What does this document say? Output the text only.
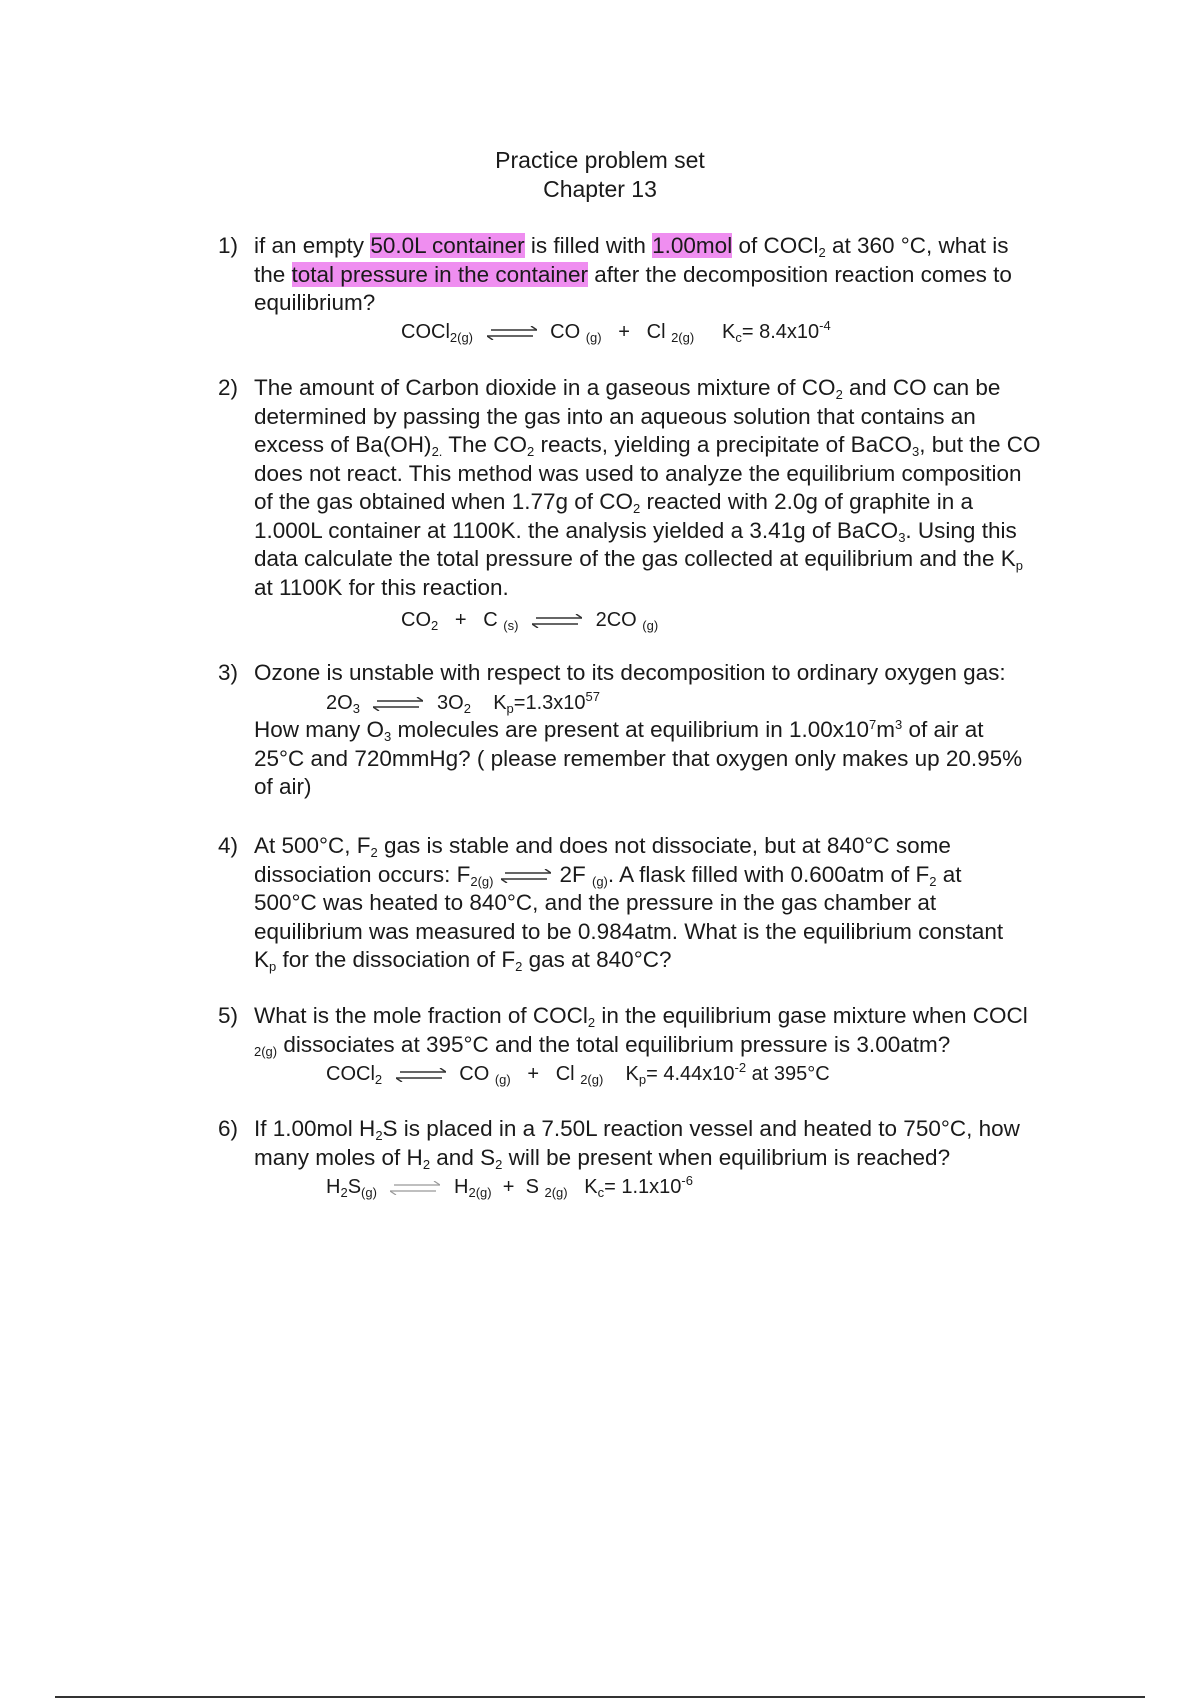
Practice problem set
Chapter 13
1) if an empty 50.0L container is filled with 1.00mol of COCl$_2$ at 360 °C, what is
the total pressure in the container after the decomposition reaction comes to
equilibrium?
COCl$_{2(g)}$ ⇌ CO $_{(g)}$ + Cl $_{2(g)}$ $K_c= 8.4x10^{-4}$
2) The amount of Carbon dioxide in a gaseous mixture of $CO_2$ and CO can be
determined by passing the gas into an aqueous solution that contains an
excess of $Ba(OH)_{2.}$ The $CO_2$ reacts, yielding a precipitate of BaCO$_3$, but the CO
does not react. This method was used to analyze the equilibrium composition
of the gas obtained when 1.77g of $CO_2$ reacted with 2.0g of graphite in a
1.000L container at 1100K. the analysis yielded a 3.41g of BaCO$_3$. Using this
data calculate the total pressure of the gas collected at equilibrium and the $K_p$
at 1100K for this reaction.
$CO_2 + C$ $_{(s)}$ ⇌ 2CO $_{(g)}$
3) Ozone is unstable with respect to its decomposition to ordinary oxygen gas:

How many $O_3$ molecules are present at equilibrium in $1.00x10^7m^3$ of air at
25°C and 720mmHg? ( please remember that oxygen only makes up 20.95%
of air)
$2O_3$ ⇌ $3O_2$ $K_p=1.3x10^{57}$
4) At 500°C, $F_2$ gas is stable and does not dissociate, but at 840°C some
dissociation occurs: $F_{2(g)}$ ⇌ 2F $_{(g)}$. A flask filled with 0.600atm of $F_2$ at
500°C was heated to 840°C, and the pressure in the gas chamber at
equilibrium was measured to be 0.984atm. What is the equilibrium constant
$K_p$ for the dissociation of $F_2$ gas at 840°C?
5) What is the mole fraction of COCl$_2$ in the equilibrium gase mixture when COCl
$_{2(g)}$ dissociates at 395°C and the total equilibrium pressure is 3.00atm?
COCl$_2$ ⇌ CO $_{(g)}$ + Cl $_{2(g)}$ $K_p= 4.44x10^{-2}$ at 395°C
6) If 1.00mol $H_2S$ is placed in a 7.50L reaction vessel and heated to 750°C, how
many moles of $H_2$ and $S_2$ will be present when equilibrium is reached?
$H_2S_{(g)}$ ⇌ $H_{2(g)} + S$ $_{2(g)}$ $K_c= 1.1x10^{-6}$
